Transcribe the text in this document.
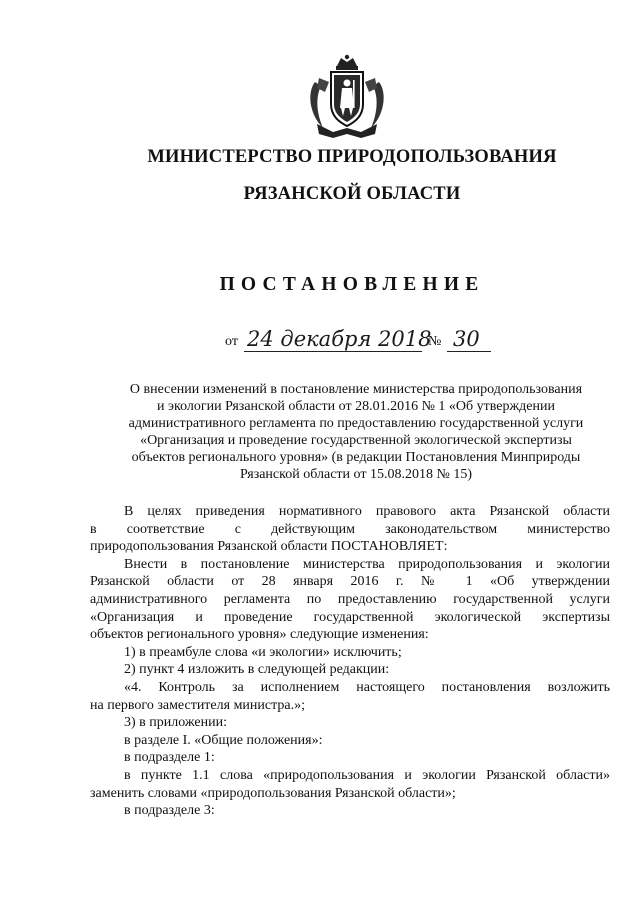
МИНИСТЕРСТВО ПРИРОДОПОЛЬЗОВАНИЯ
РЯЗАНСКОЙ ОБЛАСТИ
ПОСТАНОВЛЕНИЕ
от 24 декабря 2018
№ 30
О внесении изменений в постановление министерства природопользования
и экологии Рязанской области от 28.01.2016 № 1 «Об утверждении
административного регламента по предоставлению государственной услуги
«Организация и проведение государственной экологической экспертизы
объектов регионального уровня» (в редакции Постановления Минприроды
Рязанской области от 15.08.2018 № 15)

В целях приведения нормативного правового акта Рязанской области

в соответствие с действующим законодательством министерство

природопользования Рязанской области ПОСТАНОВЛЯЕТ:

Внести в постановление министерства природопользования и экологии

Рязанской области от 28 января 2016 г. № 1 «Об утверждении

административного регламента по предоставлению государственной услуги

«Организация и проведение государственной экологической экспертизы

объектов регионального уровня» следующие изменения:

1) в преамбуле слова «и экологии» исключить;

2) пункт 4 изложить в следующей редакции:

«4. Контроль за исполнением настоящего постановления возложить

на первого заместителя министра.»;

3) в приложении:

в разделе I. «Общие положения»:

в подразделе 1:

в пункте 1.1 слова «природопользования и экологии Рязанской области»

заменить словами «природопользования Рязанской области»;

в подразделе 3:
